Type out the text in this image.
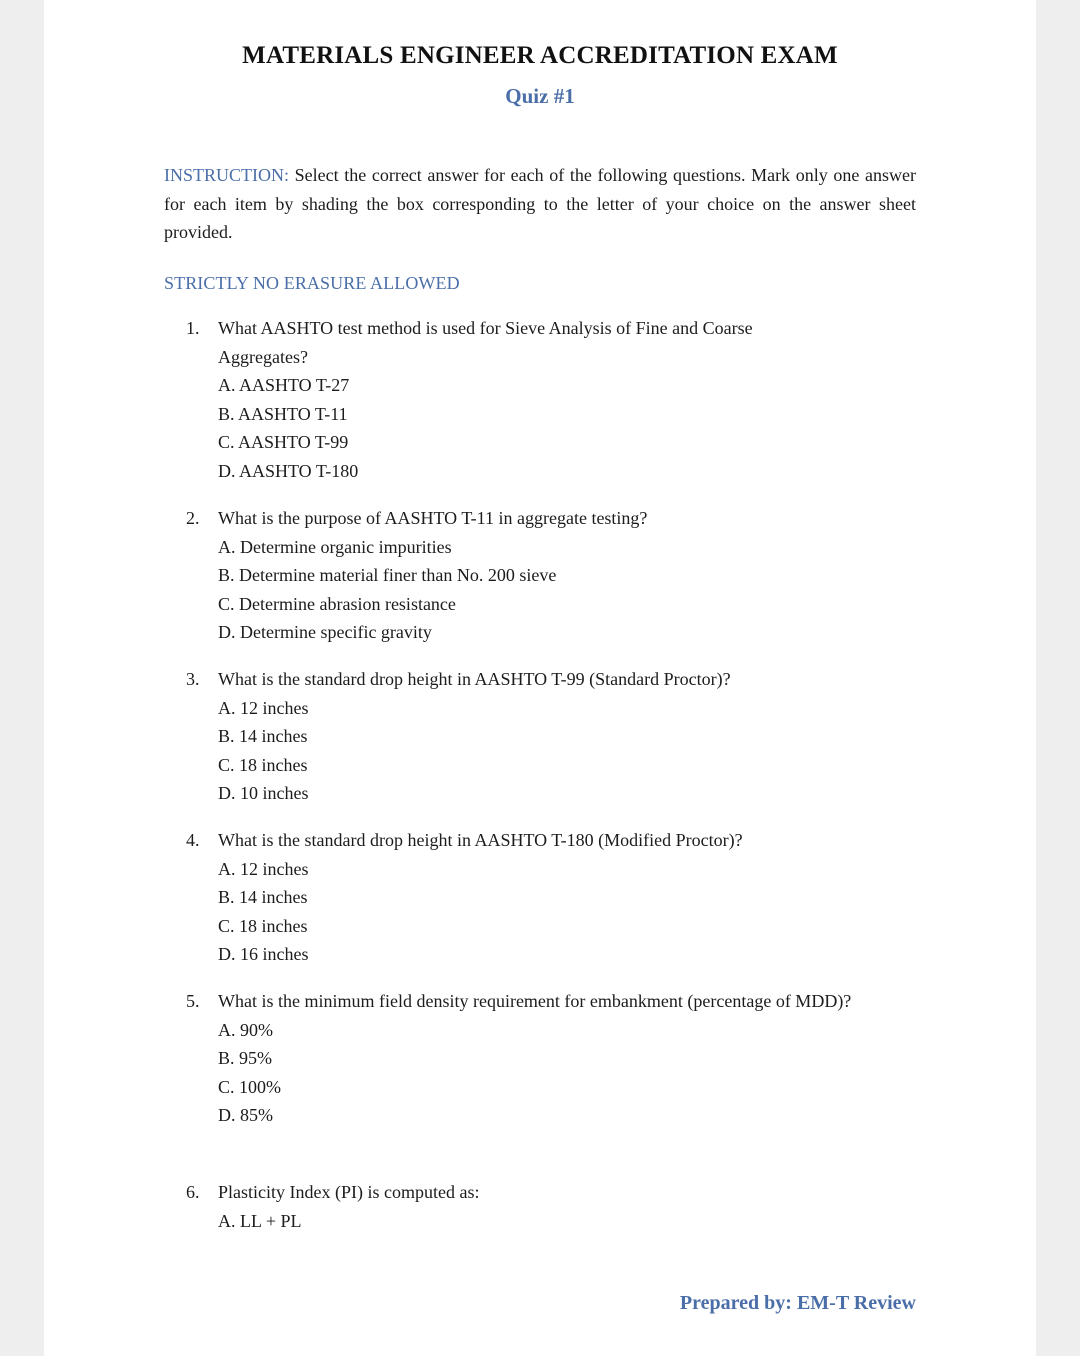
MATERIALS ENGINEER ACCREDITATION EXAM
Quiz #1
INSTRUCTION: Select the correct answer for each of the following questions. Mark only one answer for each item by shading the box corresponding to the letter of your choice on the answer sheet provided.
STRICTLY NO ERASURE ALLOWED
1.	What AASHTO test method is used for Sieve Analysis of Fine and Coarse Aggregates?
A. AASHTO T-27
B. AASHTO T-11
C. AASHTO T-99
D. AASHTO T-180
2.	What is the purpose of AASHTO T-11 in aggregate testing?
A. Determine organic impurities
B. Determine material finer than No. 200 sieve
C. Determine abrasion resistance
D. Determine specific gravity
3.	What is the standard drop height in AASHTO T-99 (Standard Proctor)?
A. 12 inches
B. 14 inches
C. 18 inches
D. 10 inches
4.	What is the standard drop height in AASHTO T-180 (Modified Proctor)?
A. 12 inches
B. 14 inches
C. 18 inches
D. 16 inches
5.	What is the minimum field density requirement for embankment (percentage of MDD)?
A. 90%
B. 95%
C. 100%
D. 85%
6.	Plasticity Index (PI) is computed as:
A. LL + PL
Prepared by: EM-T Review
